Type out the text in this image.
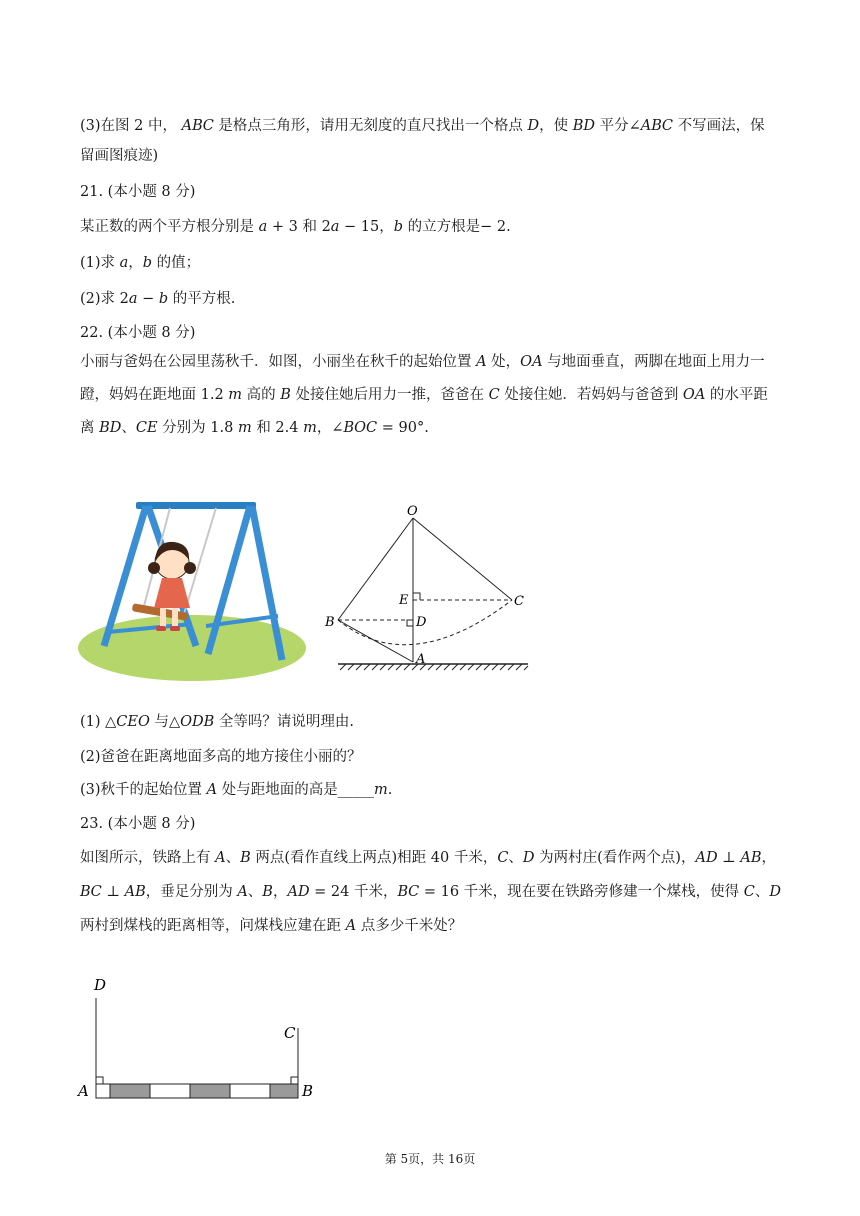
(3)在图 2 中， 𝐴𝐵𝐶 是格点三角形，请用无刻度的直尺找出一个格点 𝐷，使 𝐵𝐷 平分∠𝐴𝐵𝐶 不写画法，保
留画图痕迹)
21. (本小题 8 分)
某正数的两个平方根分别是 𝑎 + 3 和 2𝑎 − 15，𝑏 的立方根是− 2.
(1)求 𝑎，𝑏 的值；
(2)求 2𝑎 − 𝑏 的平方根.
22. (本小题 8 分)
小丽与爸妈在公园里荡秋千．如图，小丽坐在秋千的起始位置 𝐴 处，𝑂𝐴 与地面垂直，两脚在地面上用力一
蹬，妈妈在距地面 1.2 𝑚 高的 𝐵 处接住她后用力一推，爸爸在 𝐶 处接住她．若妈妈与爸爸到 𝑂𝐴 的水平距
离 𝐵𝐷、𝐶𝐸 分别为 1.8 𝑚 和 2.4 𝑚，∠𝐵𝑂𝐶 = 90°.
O
E
D
C
B
A
(1) △𝐶𝐸𝑂 与△𝑂𝐷𝐵 全等吗？请说明理由.
(2)爸爸在距离地面多高的地方接住小丽的？
(3)秋千的起始位置 𝐴 处与距地面的高是_____𝑚.
23. (本小题 8 分)
如图所示，铁路上有 𝐴、𝐵 两点(看作直线上两点)相距 40 千米，𝐶、𝐷 为两村庄(看作两个点)，𝐴𝐷 ⊥ 𝐴𝐵，
𝐵𝐶 ⊥ 𝐴𝐵，垂足分别为 𝐴、𝐵，𝐴𝐷 = 24 千米，𝐵𝐶 = 16 千米，现在要在铁路旁修建一个煤栈，使得 𝐶、𝐷
两村到煤栈的距离相等，问煤栈应建在距 𝐴 点多少千米处？
D
C
A	B
第 5页，共 16页
